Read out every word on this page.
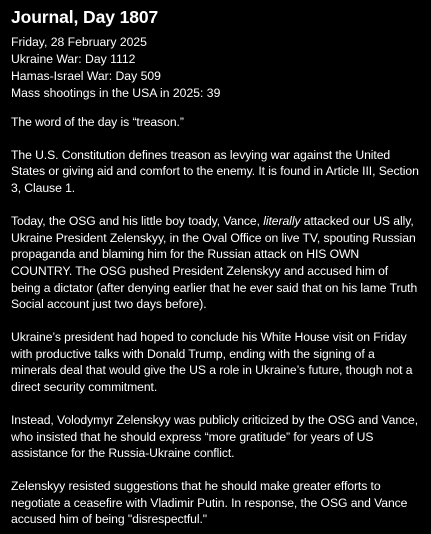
Journal, Day 1807
Friday, 28 February 2025
Ukraine War: Day 1112
Hamas-Israel War: Day 509
Mass shootings in the USA in 2025: 39

The word of the day is “treason.”

The U.S. Constitution defines treason as levying war against the United States or giving aid and comfort to the enemy. It is found in Article III, Section 3, Clause 1.

Today, the OSG and his little boy toady, Vance, literally attacked our US ally, Ukraine President Zelenskyy, in the Oval Office on live TV, spouting Russian propaganda and blaming him for the Russian attack on HIS OWN COUNTRY. The OSG pushed President Zelenskyy and accused him of being a dictator (after denying earlier that he ever said that on his lame Truth Social account just two days before).

Ukraine’s president had hoped to conclude his White House visit on Friday with productive talks with Donald Trump, ending with the signing of a minerals deal that would give the US a role in Ukraine’s future, though not a direct security commitment.

Instead, Volodymyr Zelenskyy was publicly criticized by the OSG and Vance, who insisted that he should express “more gratitude” for years of US assistance for the Russia-Ukraine conflict.

Zelenskyy resisted suggestions that he should make greater efforts to negotiate a ceasefire with Vladimir Putin. In response, the OSG and Vance accused him of being "disrespectful."
